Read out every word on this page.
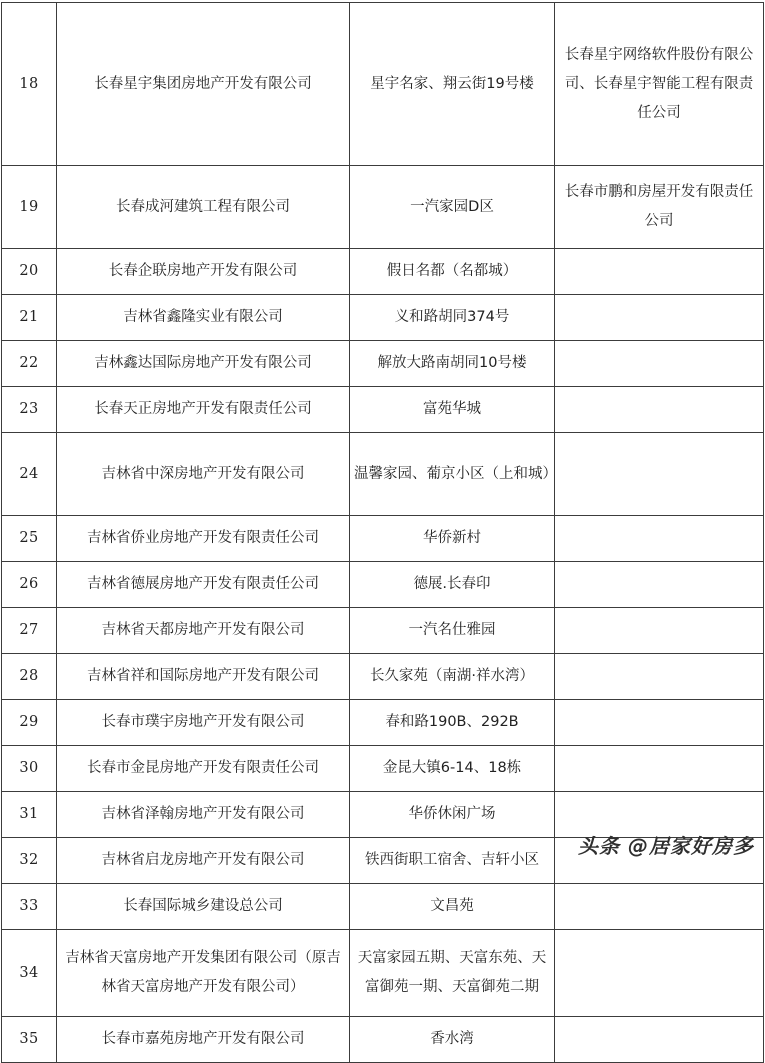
18	长春星宇集团房地产开发有限公司	星宇名家、翔云街19号楼	长春星宇网络软件股份有限公司、长春星宇智能工程有限责任公司
19	长春成河建筑工程有限公司	一汽家园D区	长春市鹏和房屋开发有限责任公司
20	长春企联房地产开发有限公司	假日名都（名都城）	
21	吉林省鑫隆实业有限公司	义和路胡同374号	
22	吉林鑫达国际房地产开发有限公司	解放大路南胡同10号楼	
23	长春天正房地产开发有限责任公司	富苑华城	
24	吉林省中深房地产开发有限公司	温馨家园、葡京小区（上和城）	
25	吉林省侨业房地产开发有限责任公司	华侨新村	
26	吉林省德展房地产开发有限责任公司	德展.长春印	
27	吉林省天都房地产开发有限公司	一汽名仕雅园	
28	吉林省祥和国际房地产开发有限公司	长久家苑（南湖·祥水湾）	
29	长春市璞宇房地产开发有限公司	春和路190B、292B	
30	长春市金昆房地产开发有限责任公司	金昆大镇6-14、18栋	
31	吉林省泽翰房地产开发有限公司	华侨休闲广场	
32	吉林省启龙房地产开发有限公司	铁西街职工宿舍、吉轩小区	
33	长春国际城乡建设总公司	文昌苑	
34	吉林省天富房地产开发集团有限公司（原吉林省天富房地产开发有限公司）	天富家园五期、天富东苑、天富御苑一期、天富御苑二期	
35	长春市嘉苑房地产开发有限公司	香水湾	
头条 @居家好房多
